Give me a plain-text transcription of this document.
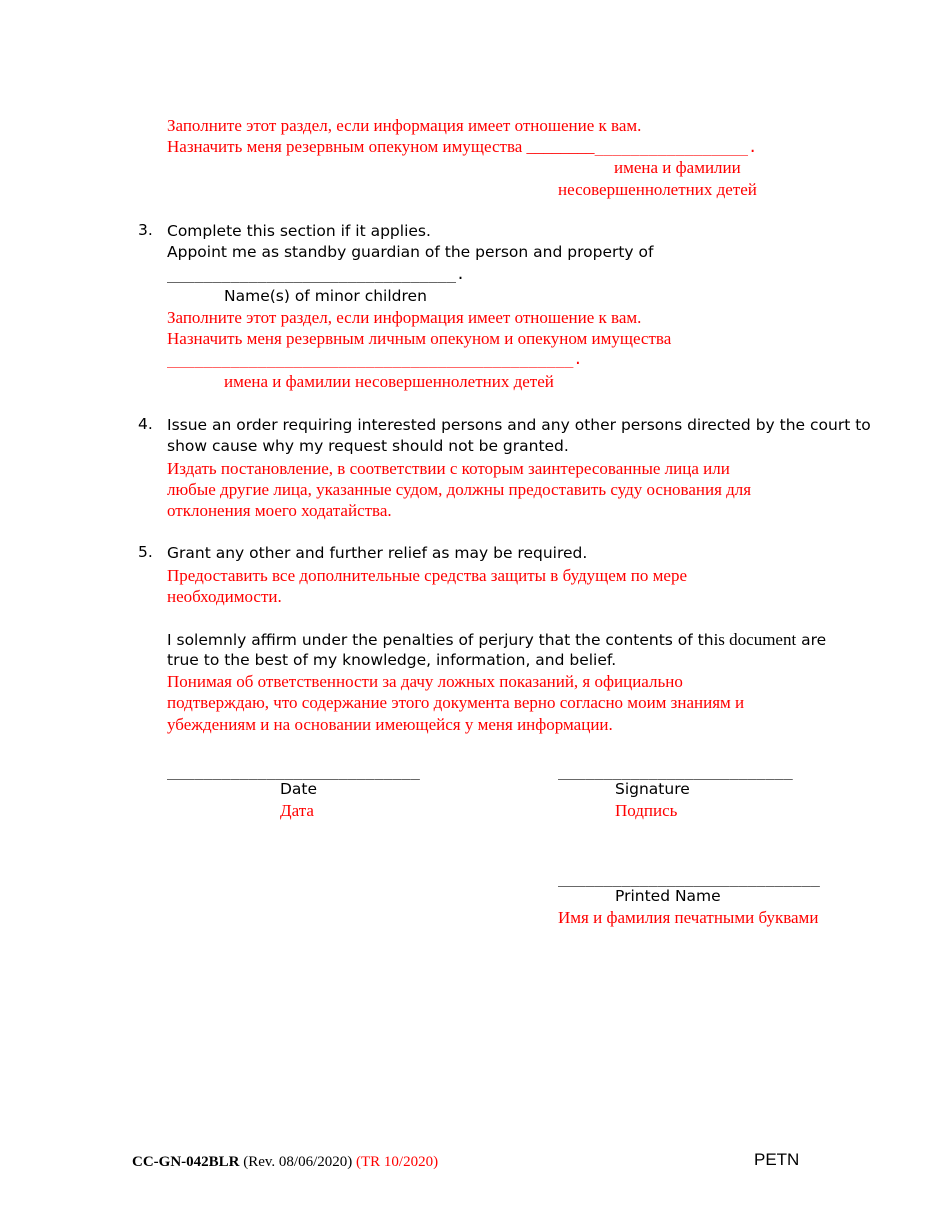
Заполните этот раздел, если информация имеет отношение к вам.
Назначить меня резервным опекуном имущества _________________________.
имена и фамилии
несовершеннолетних детей
3. Complete this section if it applies.
Appoint me as standby guardian of the person and property of
________________________________.
Name(s) of minor children
Заполните этот раздел, если информация имеет отношение к вам.
Назначить меня резервным личным опекуном и опекуном имущества
_____________________________________________.
имена и фамилии несовершеннолетних детей
4. Issue an order requiring interested persons and any other persons directed by the court to
show cause why my request should not be granted.
Издать постановление, в соответствии с которым заинтересованные лица или
любые другие лица, указанные судом, должны предоставить суду основания для
отклонения моего ходатайства.
5. Grant any other and further relief as may be required.
Предоставить все дополнительные средства защиты в будущем по мере
необходимости.
I solemnly affirm under the penalties of perjury that the contents of this document are
true to the best of my knowledge, information, and belief.
Понимая об ответственности за дачу ложных показаний, я официально
подтверждаю, что содержание этого документа верно согласно моим знаниям и
убеждениям и на основании имеющейся у меня информации.
____________________________
Date
Дата
__________________________
Signature
Подпись
_____________________________
Printed Name
Имя и фамилия печатными буквами
CC-GN-042BLR (Rev. 08/06/2020) (TR 10/2020)	PETN
